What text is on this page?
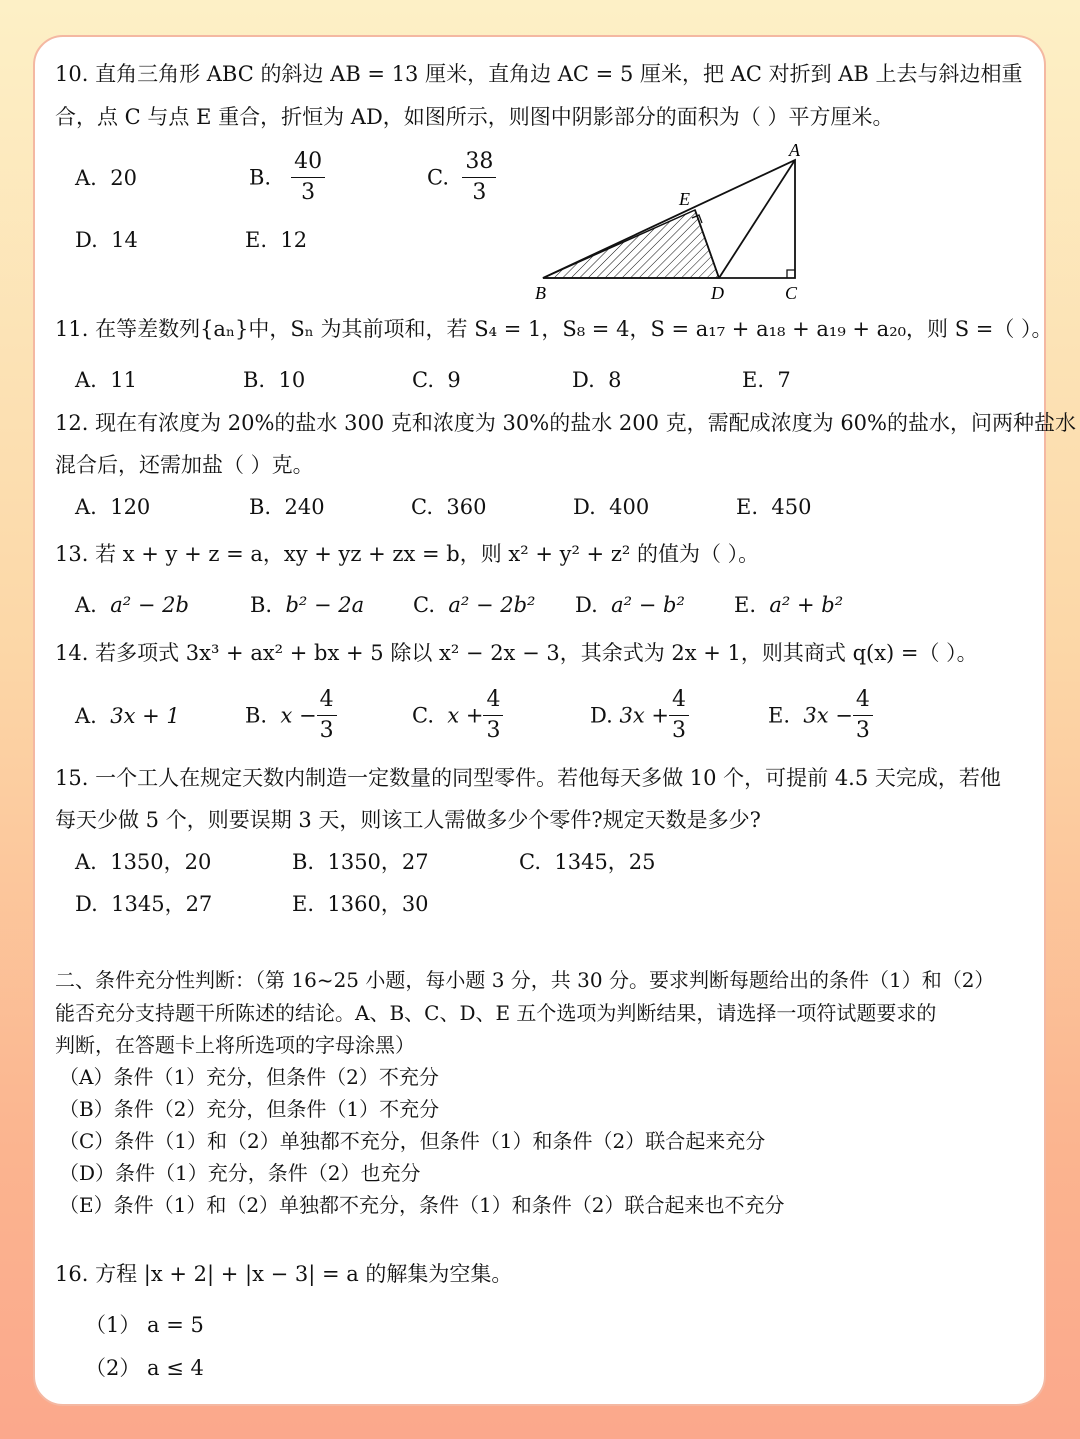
10. 直角三角形 ABC 的斜边 AB = 13 厘米，直角边 AC = 5 厘米，把 AC 对折到 AB 上去与斜边相重
合，点 C 与点 E 重合，折恒为 AD，如图所示，则图中阴影部分的面积为（ ）平方厘米。
A. 20	B. $\frac{40}{3}$	C. $\frac{38}{3}$
D. 14	E. 12
A
B	C
D
E
11. 在等差数列{aₙ}中，Sₙ 为其前项和，若 S₄ = 1，S₈ = 4，S = a₁₇ + a₁₈ + a₁₉ + a₂₀，则 S =（ ）。
A. 11	B. 10	C. 9	D. 8	E. 7
12. 现在有浓度为 20%的盐水 300 克和浓度为 30%的盐水 200 克，需配成浓度为 60%的盐水，问两种盐水
混合后，还需加盐（ ）克。
A. 120	B. 240	C. 360	D. 400	E. 450
13. 若 x + y + z = a，xy + yz + zx = b，则 x² + y² + z² 的值为（ ）。
A. a² − 2b	B. b² − 2a C. a² − 2b² D. a² − b² E. a² + b²
14. 若多项式 3x³ + ax² + bx + 5 除以 x² − 2x − 3，其余式为 2x + 1，则其商式 q(x) =（ ）。
A. 3x + 1	B. $x - \frac{4}{3}$	C. $x + \frac{4}{3}$	D. $3x + \frac{4}{3}$	E. $3x - \frac{4}{3}$
15. 一个工人在规定天数内制造一定数量的同型零件。若他每天多做 10 个，可提前 4.5 天完成，若他
每天少做 5 个，则要误期 3 天，则该工人需做多少个零件?规定天数是多少?
A. 1350，20	B. 1350，27	C. 1345，25
D. 1345，27	E. 1360，30
二、条件充分性判断：（第 16~25 小题，每小题 3 分，共 30 分。要求判断每题给出的条件（1）和（2）
能否充分支持题干所陈述的结论。A、B、C、D、E 五个选项为判断结果，请选择一项符试题要求的
判断，在答题卡上将所选项的字母涂黑）
（A）条件（1）充分，但条件（2）不充分
（B）条件（2）充分，但条件（1）不充分
（C）条件（1）和（2）单独都不充分，但条件（1）和条件（2）联合起来充分
（D）条件（1）充分，条件（2）也充分
（E）条件（1）和（2）单独都不充分，条件（1）和条件（2）联合起来也不充分
16. 方程 |x + 2| + |x − 3| = a 的解集为空集。
（1） a = 5
（2） a ≤ 4
